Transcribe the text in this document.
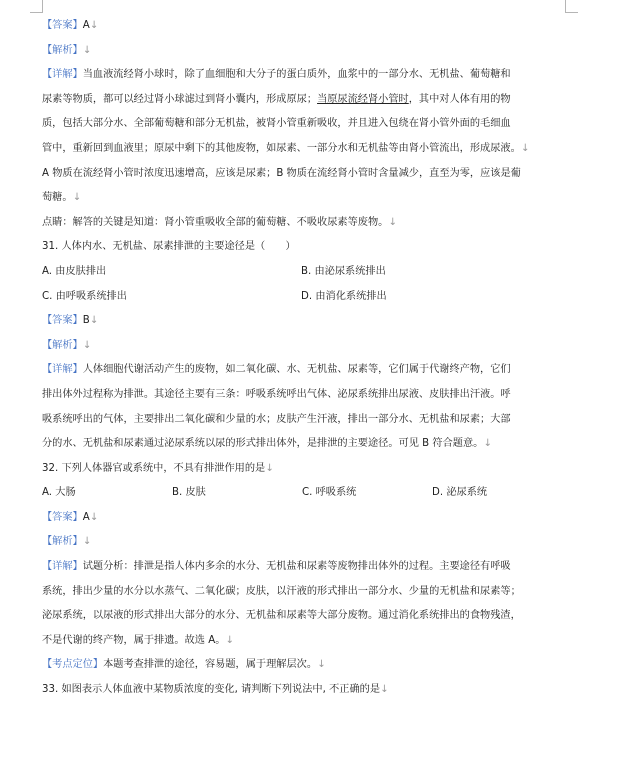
【答案】A↓
【解析】↓
【详解】当血液流经肾小球时，除了血细胞和大分子的蛋白质外，血浆中的一部分水、无机盐、葡萄糖和
尿素等物质，都可以经过肾小球滤过到肾小囊内，形成原尿；当原尿流经肾小管时，其中对人体有用的物
质，包括大部分水、全部葡萄糖和部分无机盐，被肾小管重新吸收，并且进入包绕在肾小管外面的毛细血
管中，重新回到血液里；原尿中剩下的其他废物，如尿素、一部分水和无机盐等由肾小管流出，形成尿液。↓
A 物质在流经肾小管时浓度迅速增高，应该是尿素；B 物质在流经肾小管时含量减少，直至为零，应该是葡
萄糖。↓
点睛：解答的关键是知道：肾小管重吸收全部的葡萄糖、不吸收尿素等废物。↓
31. 人体内水、无机盐、尿素排泄的主要途径是（　　）
A. 由皮肤排出	B. 由泌尿系统排出
C. 由呼吸系统排出	D. 由消化系统排出
【答案】B↓
【解析】↓
【详解】人体细胞代谢活动产生的废物，如二氧化碳、水、无机盐、尿素等，它们属于代谢终产物，它们
排出体外过程称为排泄。其途径主要有三条：呼吸系统呼出气体、泌尿系统排出尿液、皮肤排出汗液。呼
吸系统呼出的气体，主要排出二氧化碳和少量的水；皮肤产生汗液，排出一部分水、无机盐和尿素；大部
分的水、无机盐和尿素通过泌尿系统以尿的形式排出体外，是排泄的主要途径。可见 B 符合题意。↓
32. 下列人体器官或系统中，不具有排泄作用的是↓
A. 大肠	B. 皮肤	C. 呼吸系统	D. 泌尿系统
【答案】A↓
【解析】↓
【详解】试题分析：排泄是指人体内多余的水分、无机盐和尿素等废物排出体外的过程。主要途径有呼吸
系统，排出少量的水分以水蒸气、二氧化碳；皮肤，以汗液的形式排出一部分水、少量的无机盐和尿素等；
泌尿系统，以尿液的形式排出大部分的水分、无机盐和尿素等大部分废物。通过消化系统排出的食物残渣，
不是代谢的终产物，属于排遗。故选 A。↓
【考点定位】本题考查排泄的途径，容易题，属于理解层次。↓
33. 如图表示人体血液中某物质浓度的变化, 请判断下列说法中, 不正确的是↓
